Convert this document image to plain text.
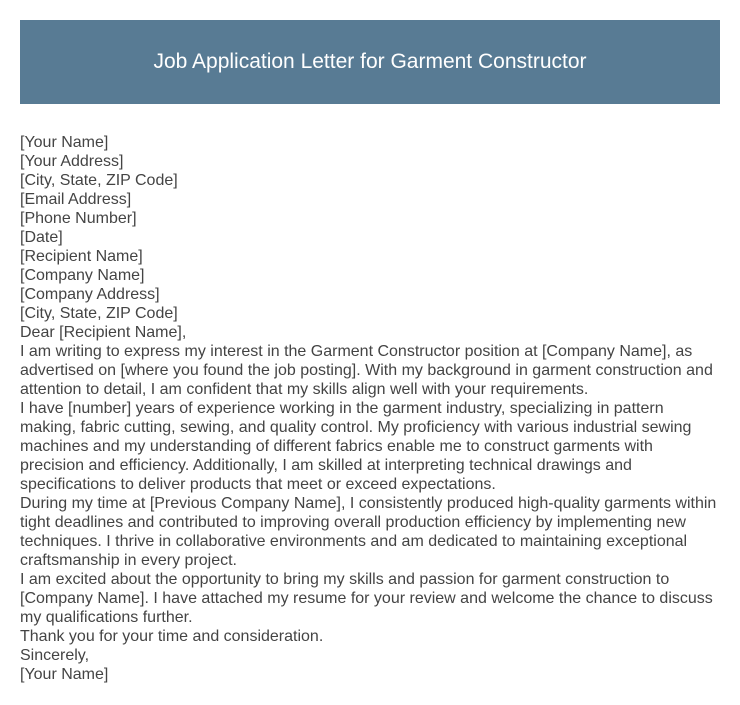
Job Application Letter for Garment Constructor
[Your Name]
[Your Address]
[City, State, ZIP Code]
[Email Address]
[Phone Number]
[Date]
[Recipient Name]
[Company Name]
[Company Address]
[City, State, ZIP Code]
Dear [Recipient Name],

I am writing to express my interest in the Garment Constructor position at [Company Name], as advertised on [where you found the job posting]. With my background in garment construction and attention to detail, I am confident that my skills align well with your requirements.

I have [number] years of experience working in the garment industry, specializing in pattern making, fabric cutting, sewing, and quality control. My proficiency with various industrial sewing machines and my understanding of different fabrics enable me to construct garments with precision and efficiency. Additionally, I am skilled at interpreting technical drawings and specifications to deliver products that meet or exceed expectations.

During my time at [Previous Company Name], I consistently produced high-quality garments within tight deadlines and contributed to improving overall production efficiency by implementing new techniques. I thrive in collaborative environments and am dedicated to maintaining exceptional craftsmanship in every project.

I am excited about the opportunity to bring my skills and passion for garment construction to [Company Name]. I have attached my resume for your review and welcome the chance to discuss my qualifications further.

Thank you for your time and consideration.

Sincerely,
[Your Name]
